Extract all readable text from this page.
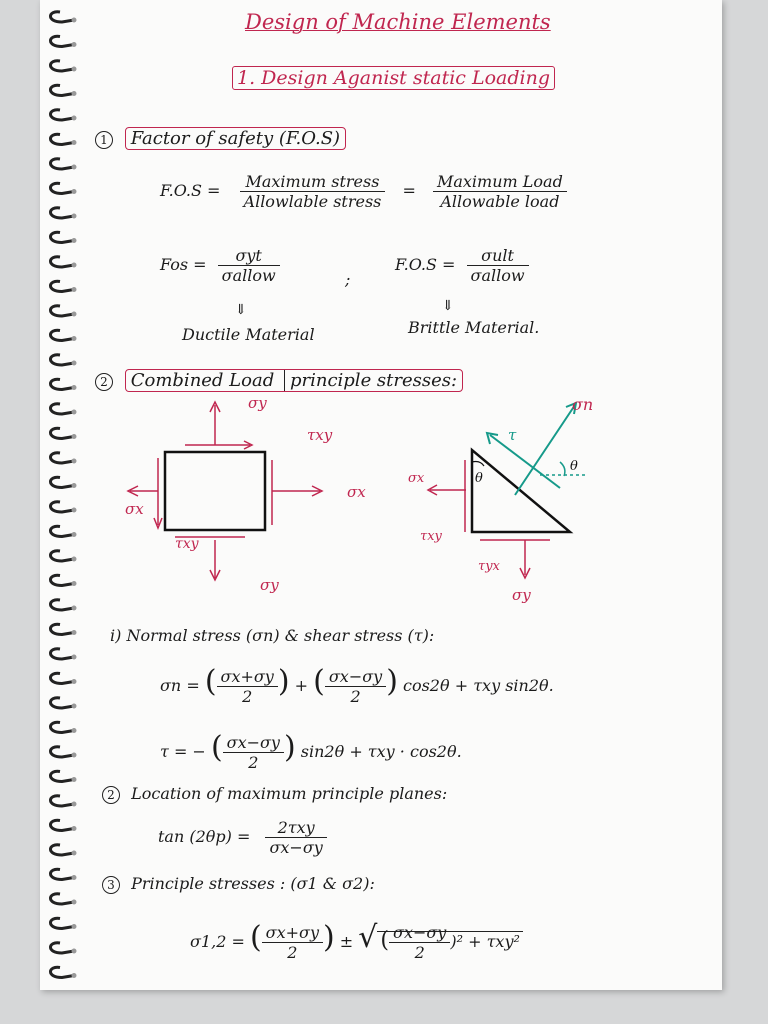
Design of Machine Elements
1. Design Aganist static Loading
1 Factor of safety (F.O.S)
$F.O.S = \frac{\text{Maximum stress}}{\text{Allowlable stress}} = \frac{\text{Maximum Load}}{\text{Allowable load}}$
Fos = $\frac{\text{σyt}}{\text{σallow}}$	;
$F.O.S = \frac{\text{σult}}{\text{σallow}}$
⇓	⇓
Ductile Material	Brittle Material.
2 Combined Load principle stresses:
σy
τxy
σx
σx
τxy
σy
σn
τ
θ
θ
σx
τxy
τyx
σy
i) Normal stress (σn) & shear stress (τ):
σn = ( $\frac{\sigma x+\sigma y}{2}$ ) + ( $\frac{\sigma x-\sigma y}{2}$ ) cos2θ + τxy sin2θ.
τ = − ( $\frac{\sigma x-\sigma y}{2}$ ) sin2θ + τxy · cos2θ.
2 Location of maximum principle planes:
$\tan (2\theta p) = \frac{\text{2τxy}}{\sigma x-\sigma y}$
3 Principle stresses : (σ1 & σ2):
σ1,2 = ( $\frac{\sigma x+\sigma y}{2}$ ) ± √ ( $\frac{\sigma x-\sigma y}{2} )^2 + \tau xy^2$
